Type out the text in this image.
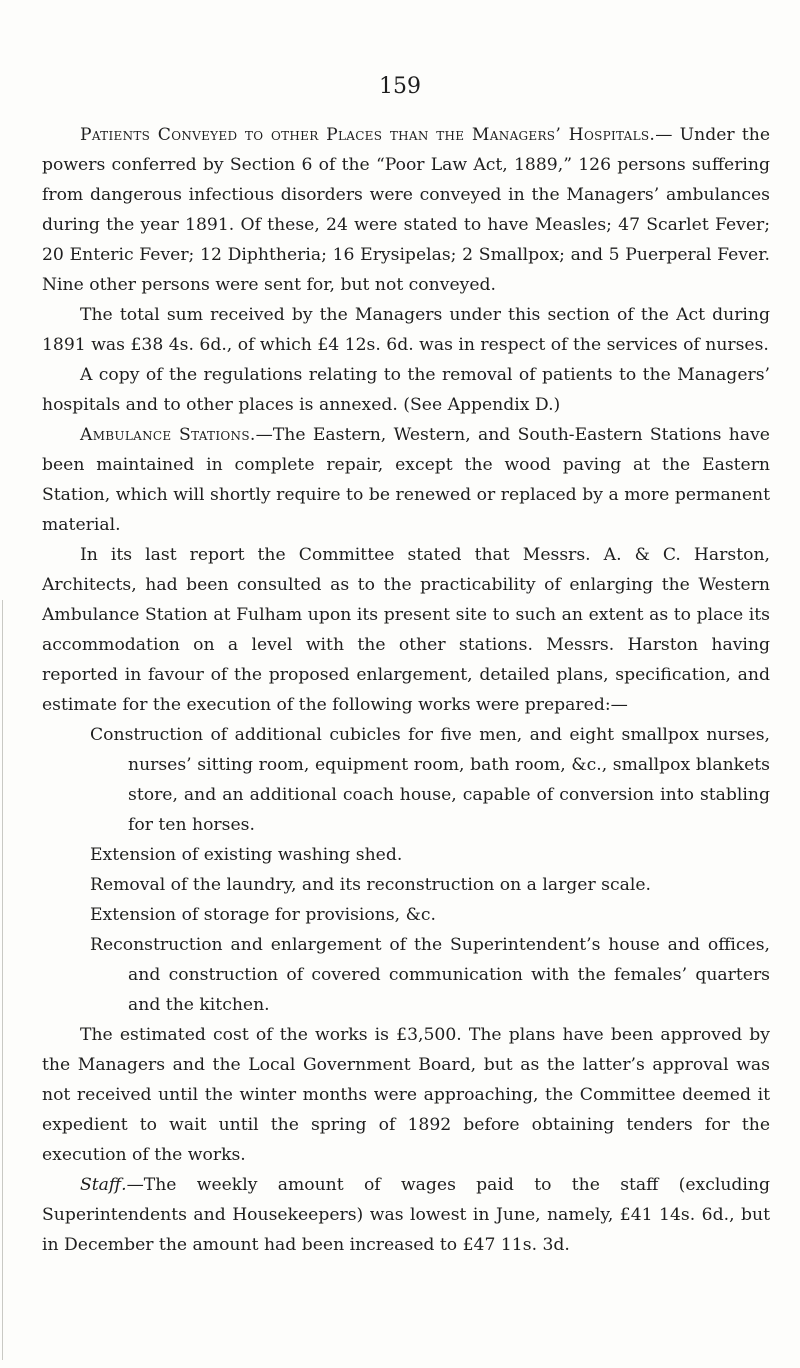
159

Patients Conveyed to other Places than the Managers’ Hospitals.— Under the powers conferred by Section 6 of the “Poor Law Act, 1889,” 126 persons suffering from dangerous infectious disorders were conveyed in the Managers’ ambulances during the year 1891. Of these, 24 were stated to have Measles; 47 Scarlet Fever; 20 Enteric Fever; 12 Diphtheria; 16 Erysipelas; 2 Smallpox; and 5 Puerperal Fever. Nine other persons were sent for, but not conveyed.

The total sum received by the Managers under this section of the Act during 1891 was £38 4s. 6d., of which £4 12s. 6d. was in respect of the services of nurses.

A copy of the regulations relating to the removal of patients to the Managers’ hospitals and to other places is annexed. (See Appendix D.)

Ambulance Stations.—The Eastern, Western, and South-Eastern Stations have been maintained in complete repair, except the wood paving at the Eastern Station, which will shortly require to be renewed or replaced by a more permanent material.

In its last report the Committee stated that Messrs. A. & C. Harston, Architects, had been consulted as to the practicability of enlarging the Western Ambulance Station at Fulham upon its present site to such an extent as to place its accommodation on a level with the other stations. Messrs. Harston having reported in favour of the proposed enlargement, detailed plans, specification, and estimate for the execution of the following works were prepared:—

Construction of additional cubicles for five men, and eight smallpox nurses, nurses’ sitting room, equipment room, bath room, &c., smallpox blankets store, and an additional coach house, capable of conversion into stabling for ten horses.

Extension of existing washing shed.

Removal of the laundry, and its reconstruction on a larger scale.

Extension of storage for provisions, &c.

Reconstruction and enlargement of the Superintendent’s house and offices, and construction of covered communication with the females’ quarters and the kitchen.

The estimated cost of the works is £3,500. The plans have been approved by the Managers and the Local Government Board, but as the latter’s approval was not received until the winter months were approaching, the Committee deemed it expedient to wait until the spring of 1892 before obtaining tenders for the execution of the works.

Staff.—The weekly amount of wages paid to the staff (excluding Superintendents and Housekeepers) was lowest in June, namely, £41 14s. 6d., but in December the amount had been increased to £47 11s. 3d.
